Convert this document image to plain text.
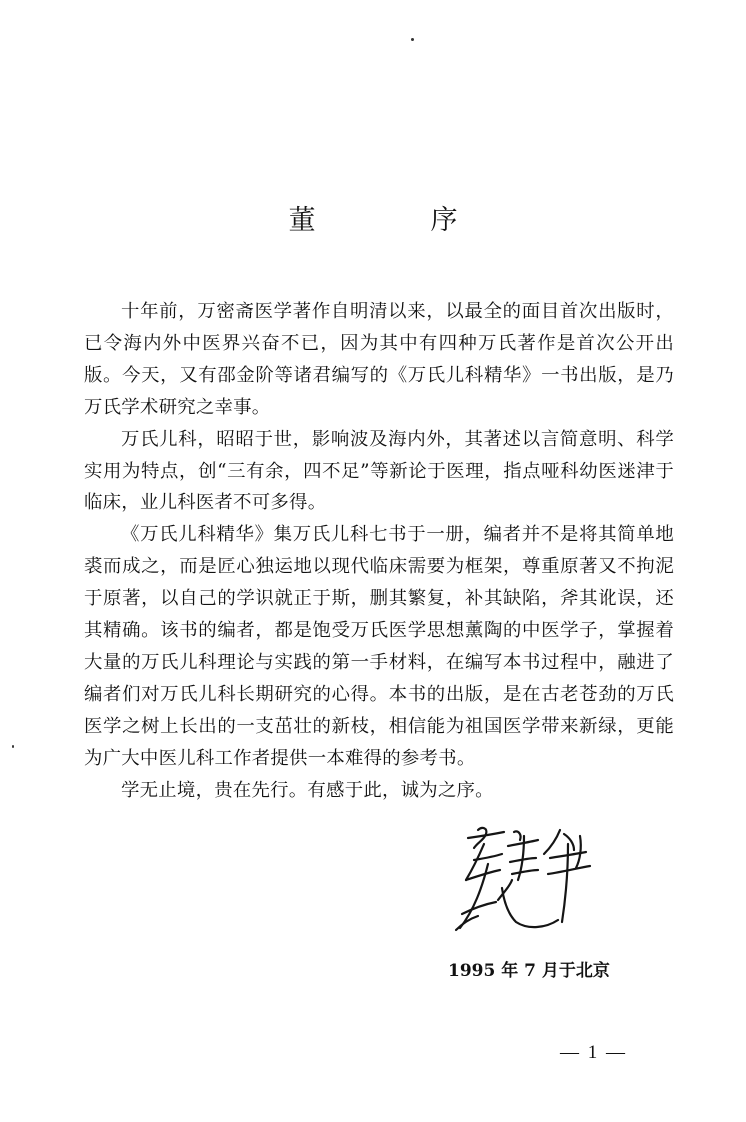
董　序

十年前，万密斋医学著作自明清以来，以最全的面目首次出版时，已令海内外中医界兴奋不已，因为其中有四种万氏著作是首次公开出版。今天，又有邵金阶等诸君编写的《万氏儿科精华》一书出版，是乃万氏学术研究之幸事。

万氏儿科，昭昭于世，影响波及海内外，其著述以言简意明、科学实用为特点，创“三有余，四不足”等新论于医理，指点哑科幼医迷津于临床，业儿科医者不可多得。

《万氏儿科精华》集万氏儿科七书于一册，编者并不是将其简单地裘而成之，而是匠心独运地以现代临床需要为框架，尊重原著又不拘泥于原著，以自己的学识就正于斯，删其繁复，补其缺陷，斧其讹误，还其精确。该书的编者，都是饱受万氏医学思想薰陶的中医学子，掌握着大量的万氏儿科理论与实践的第一手材料，在编写本书过程中，融进了编者们对万氏儿科长期研究的心得。本书的出版，是在古老苍劲的万氏医学之树上长出的一支茁壮的新枝，相信能为祖国医学带来新绿，更能为广大中医儿科工作者提供一本难得的参考书。

学无止境，贵在先行。有感于此，诚为之序。

1995 年 7 月于北京
— 1 —
